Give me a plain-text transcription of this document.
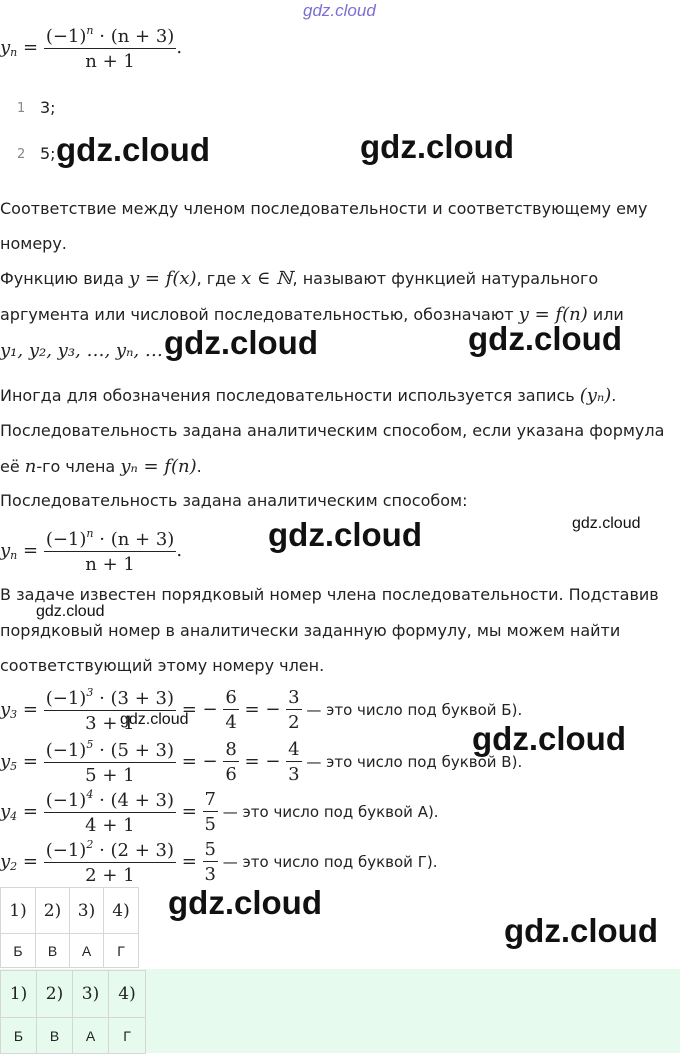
gdz.cloud
$y_n = \frac{(-1)^n \cdot (n + 3)}{n + 1}$ .
1 3;
2 5;
Соответствие между членом последовательности и соответствующему ему
номеру.
Функцию вида y = f(x), где x ∈ ℕ, называют функцией натурального
аргумента или числовой последовательностью, обозначают y = f(n) или
y₁, y₂, y₃, …, yₙ, …
Иногда для обозначения последовательности используется запись (yₙ).
Последовательность задана аналитическим способом, если указана формула
её n-го члена yₙ = f(n).
Последовательность задана аналитическим способом:
$y_n = \frac{(-1)^n \cdot (n + 3)}{n + 1}$ .
В задаче известен порядковый номер члена последовательности. Подставив
порядковый номер в аналитически заданную формулу, мы можем найти
соответствующий этому номеру член.
$y_3 = \frac{(-1)^3 \cdot (3 + 3)}{3 + 1}$ = − $\frac{6}{4}$ = − $\frac{3}{2}$ — это число под буквой Б).
$y_5 = \frac{(-1)^5 \cdot (5 + 3)}{5 + 1}$ = − $\frac{8}{6}$ = − $\frac{4}{3}$ — это число под буквой В).
$y_4 = \frac{(-1)^4 \cdot (4 + 3)}{4 + 1} = \frac{7}{5}$ — это число под буквой А).
$y_2 = \frac{(-1)^2 \cdot (2 + 3)}{2 + 1} = \frac{5}{3}$ — это число под буквой Г).
1)	2)	3)	4)
Б	В	А	Г
1)	2)	3)	4)
Б	В	А	Г
gdz.cloud	gdz.cloud
gdz.cloud	gdz.cloud
gdz.cloud	gdz.cloud
gdz.cloud
gdz.cloud
gdz.cloud
gdz.cloud
gdz.cloud
